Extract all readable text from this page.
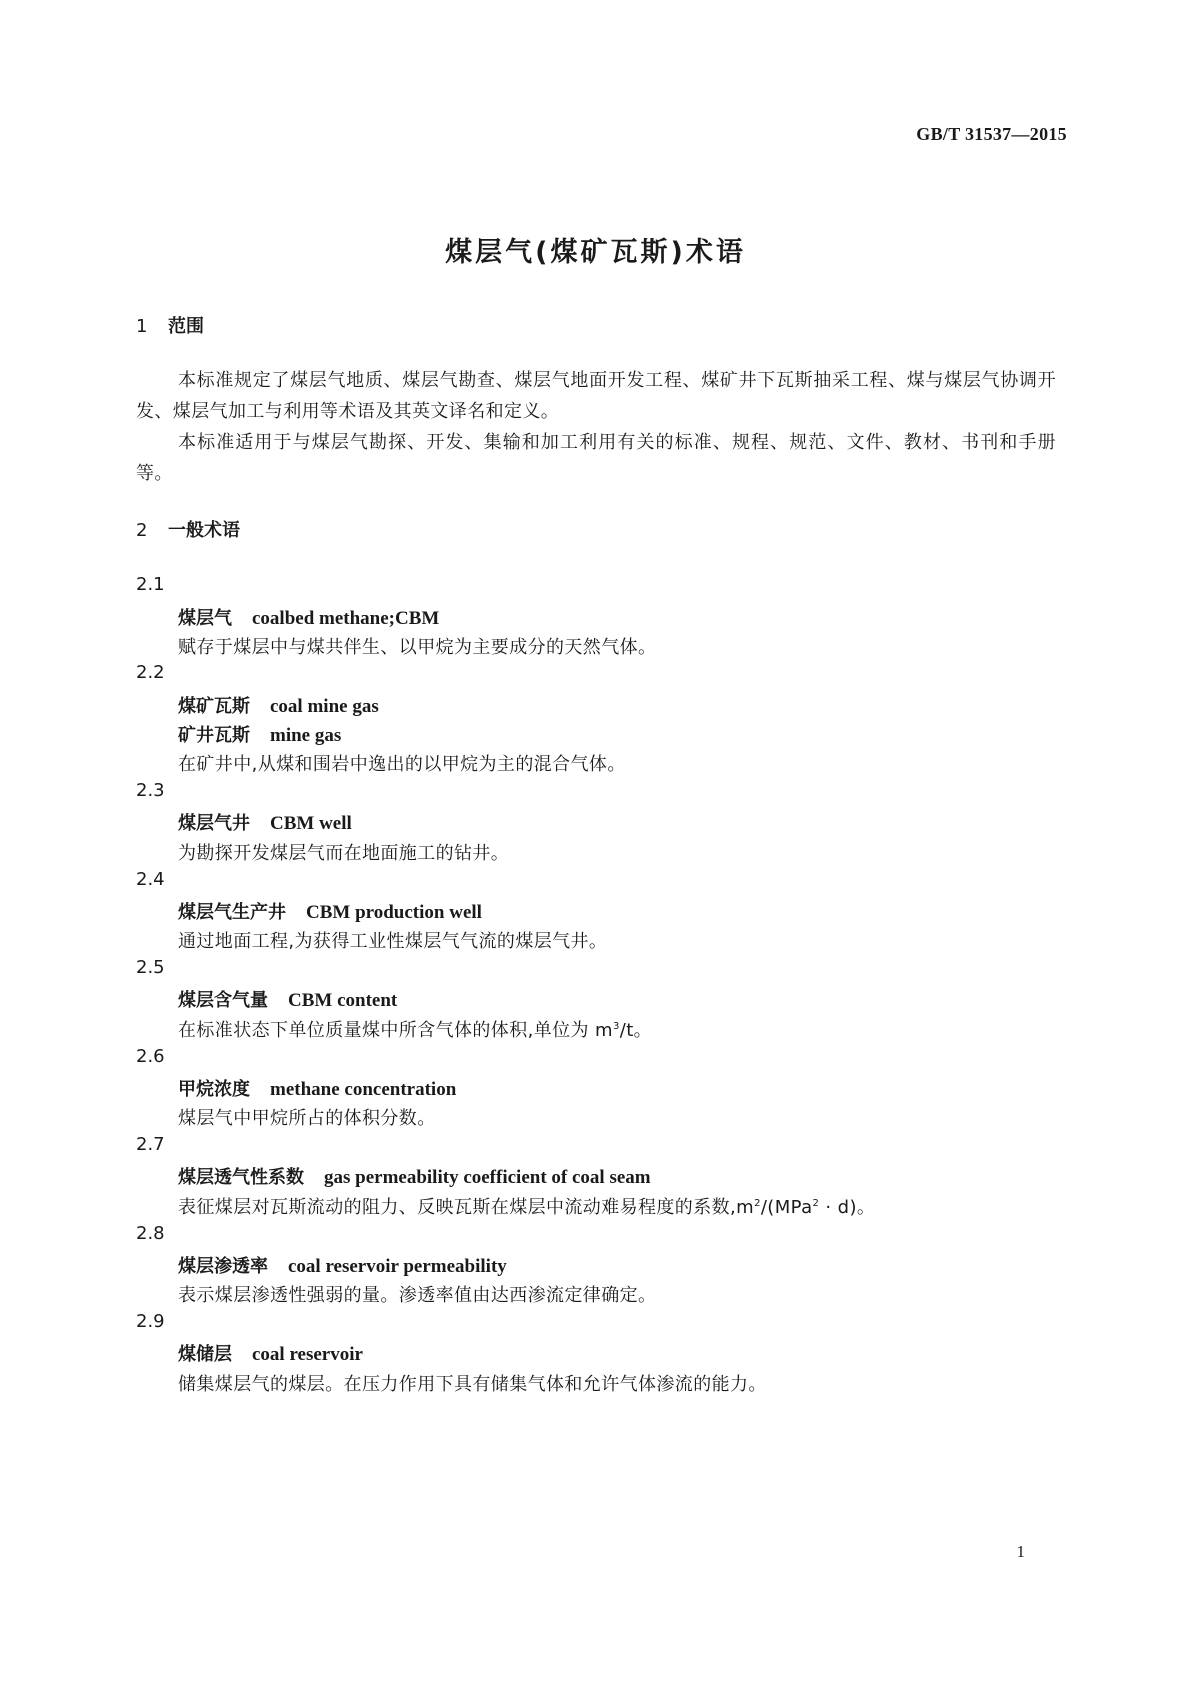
GB/T 31537—2015
煤层气(煤矿瓦斯)术语
1 范围
本标准规定了煤层气地质、煤层气勘查、煤层气地面开发工程、煤矿井下瓦斯抽采工程、煤与煤层气协调开发、煤层气加工与利用等术语及其英文译名和定义。
本标准适用于与煤层气勘探、开发、集输和加工利用有关的标准、规程、规范、文件、教材、书刊和手册等。
2 一般术语
2.1
煤层气 coalbed methane;CBM
赋存于煤层中与煤共伴生、以甲烷为主要成分的天然气体。
2.2
煤矿瓦斯 coal mine gas
矿井瓦斯 mine gas
在矿井中,从煤和围岩中逸出的以甲烷为主的混合气体。
2.3
煤层气井 CBM well
为勘探开发煤层气而在地面施工的钻井。
2.4
煤层气生产井 CBM production well
通过地面工程,为获得工业性煤层气气流的煤层气井。
2.5
煤层含气量 CBM content
在标准状态下单位质量煤中所含气体的体积,单位为 $m^3/t$。
2.6
甲烷浓度 methane concentration
煤层气中甲烷所占的体积分数。
2.7
煤层透气性系数 gas permeability coefficient of coal seam
表征煤层对瓦斯流动的阻力、反映瓦斯在煤层中流动难易程度的系数$,m^2/(MPa^2 \cdot d)$。
2.8
煤层渗透率 coal reservoir permeability
表示煤层渗透性强弱的量。渗透率值由达西渗流定律确定。
2.9
煤储层 coal reservoir
储集煤层气的煤层。在压力作用下具有储集气体和允许气体渗流的能力。
1
